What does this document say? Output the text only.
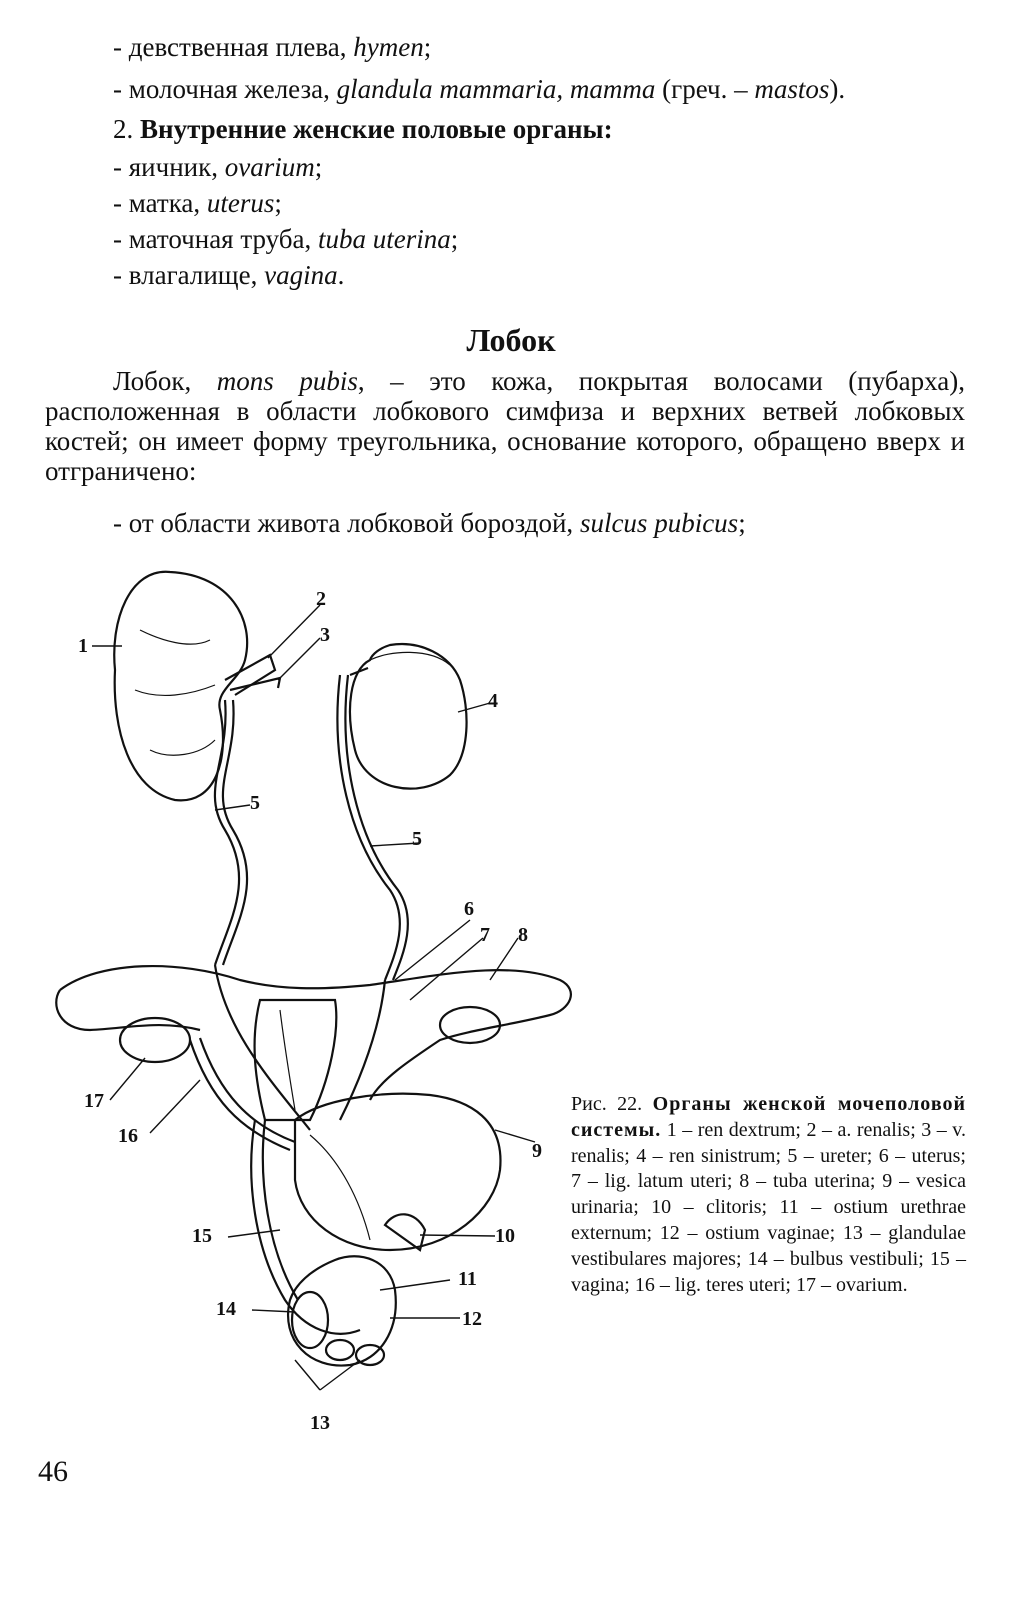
- девственная плева, hymen;
- молочная железа, glandula mammaria, mamma (греч. – mastos).
2. Внутренние женские половые органы:
- яичник, ovarium;
- матка, uterus;
- маточная труба, tuba uterina;
- влагалище, vagina.
Лобок
Лобок, mons pubis, – это кожа, покрытая волосами (пубарха), расположенная в области лобкового симфиза и верхних ветвей лобковых костей; он имеет форму треугольника, основание которого, обращено вверх и отграничено:
- от области живота лобковой бороздой, sulcus pubicus;
1
2
3
4
5
5
6
7 8
9
10
11
12
13
14
15
16
17	Рис. 22. Органы женской мочеполовой системы. 1 – ren dextrum; 2 – a. renalis; 3 – v. renalis; 4 – ren sinistrum; 5 – ureter; 6 – uterus; 7 – lig. latum uteri; 8 – tuba uterina; 9 – vesica urinaria; 10 – clitoris; 11 – ostium urethrae externum; 12 – ostium vaginae; 13 – glandulae vestibulares majores; 14 – bulbus vestibuli; 15 – vagina; 16 – lig. teres uteri; 17 – ovarium.
46
